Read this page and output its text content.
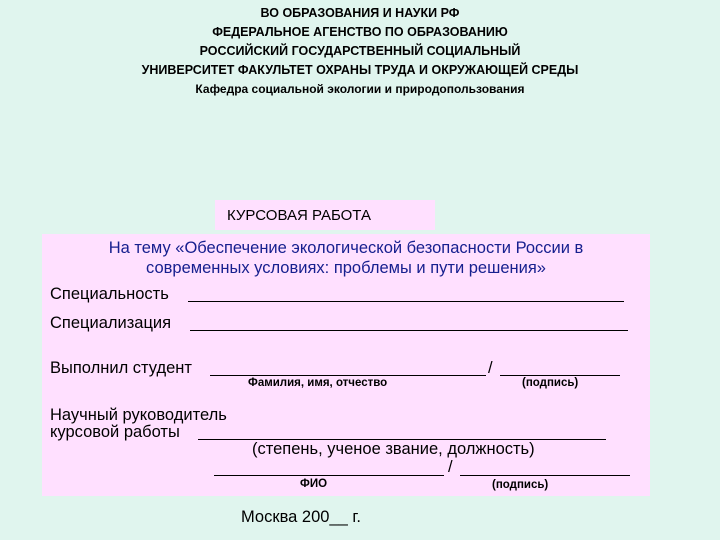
ВО ОБРАЗОВАНИЯ И НАУКИ РФ
ФЕДЕРАЛЬНОЕ АГЕНСТВО ПО ОБРАЗОВАНИЮ
РОССИЙСКИЙ ГОСУДАРСТВЕННЫЙ СОЦИАЛЬНЫЙ
УНИВЕРСИТЕТ ФАКУЛЬТЕТ ОХРАНЫ ТРУДА И ОКРУЖАЮЩЕЙ СРЕДЫ
Кафедра социальной экологии и природопользования
КУРСОВАЯ РАБОТА
На тему «Обеспечение экологической безопасности России в
современных условиях: проблемы и пути решения»
Специальность
Специализация
Выполнил студент	/
Фамилия, имя, отчество	(подпись)
Научный руководитель
курсовой работы
(степень, ученое звание, должность)
/
ФИО	(подпись)
Москва 200__ г.
